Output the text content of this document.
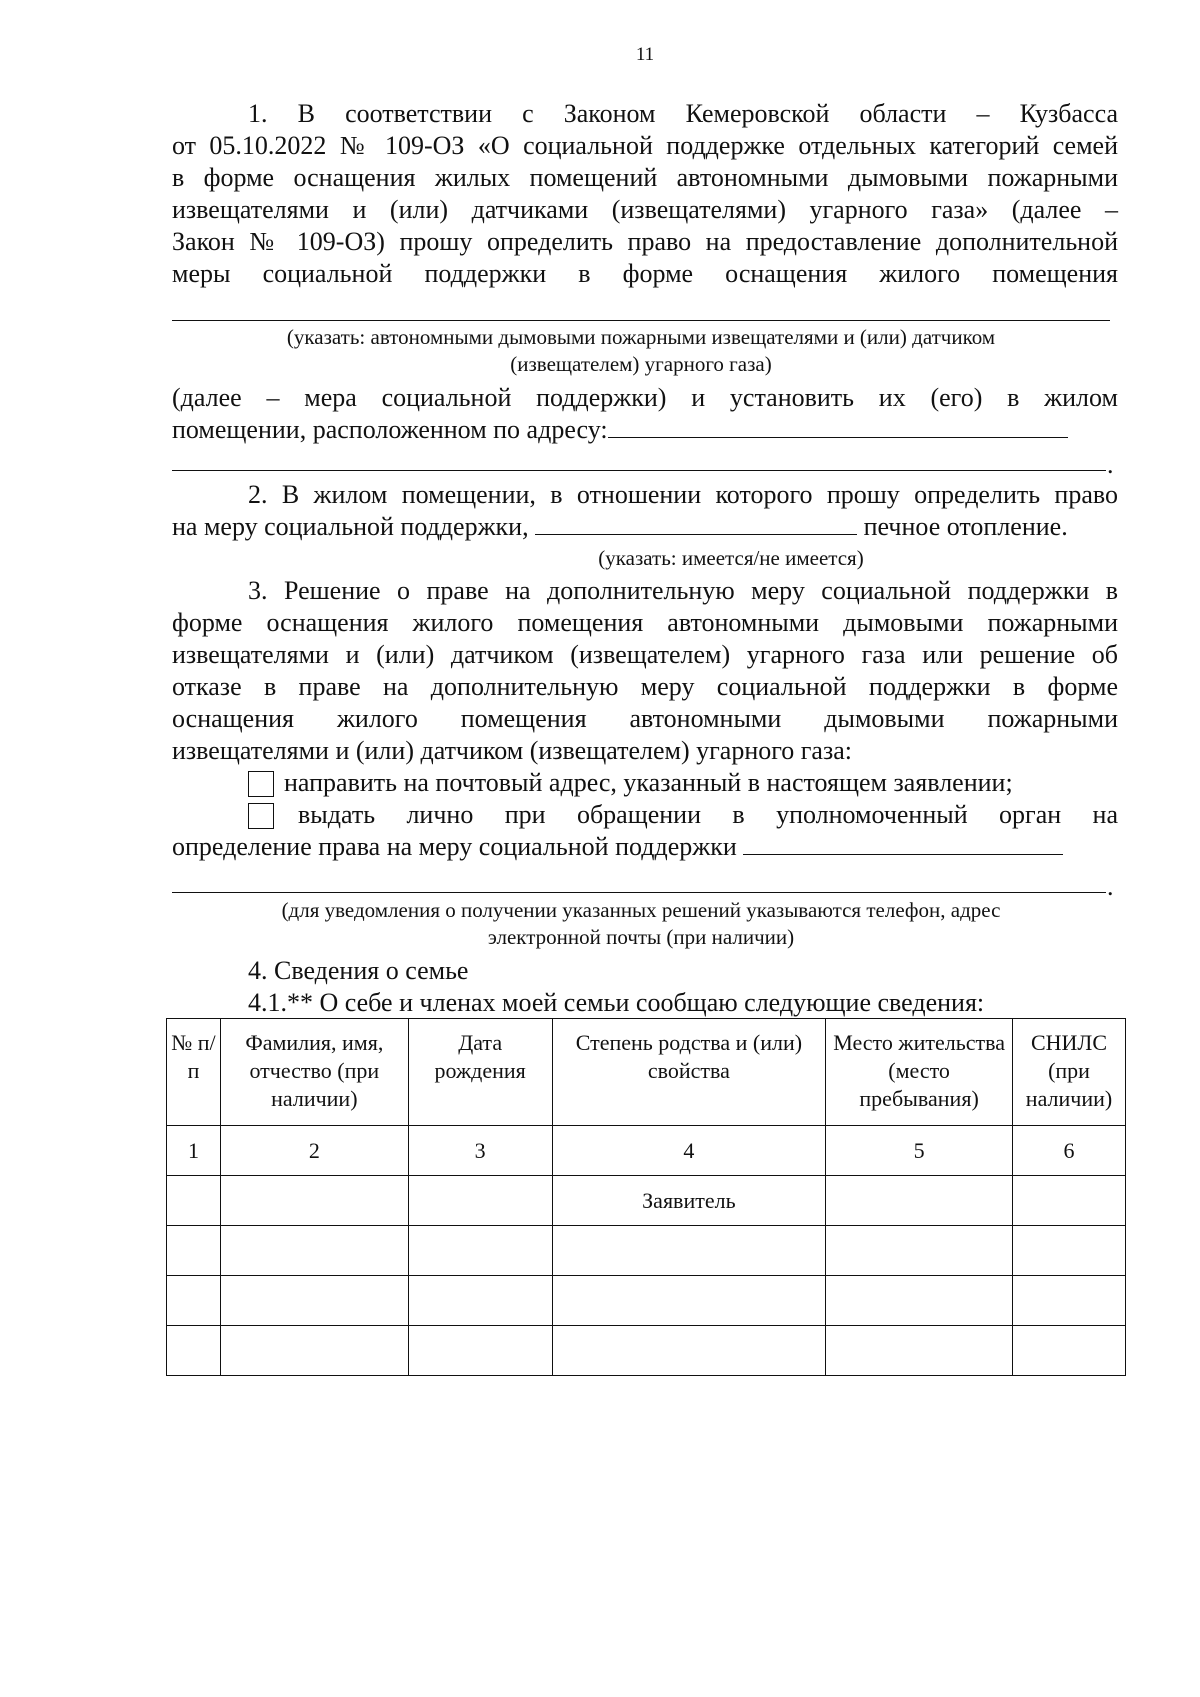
11
1. В соответствии с Законом Кемеровской области – Кузбасса
от 05.10.2022 № 109-ОЗ «О социальной поддержке отдельных категорий семей
в форме оснащения жилых помещений автономными дымовыми пожарными
извещателями и (или) датчиками (извещателями) угарного газа» (далее –
Закон № 109-ОЗ) прошу определить право на предоставление дополнительной
меры социальной поддержки в форме оснащения жилого помещения
(указать: автономными дымовыми пожарными извещателями и (или) датчиком
(извещателем) угарного газа)
(далее – мера социальной поддержки) и установить их (его) в жилом
помещении, расположенном по адресу:
.
2. В жилом помещении, в отношении которого прошу определить право
на меру социальной поддержки,	печное отопление.
(указать: имеется/не имеется)
3. Решение о праве на дополнительную меру социальной поддержки в
форме оснащения жилого помещения автономными дымовыми пожарными
извещателями и (или) датчиком (извещателем) угарного газа или решение об
отказе в праве на дополнительную меру социальной поддержки в форме
оснащения жилого помещения автономными дымовыми пожарными
извещателями и (или) датчиком (извещателем) угарного газа:
направить на почтовый адрес, указанный в настоящем заявлении;
выдать лично при обращении в уполномоченный орган на
определение права на меру социальной поддержки
.
(для уведомления о получении указанных решений указываются телефон, адрес
электронной почты (при наличии)
4. Сведения о семье
4.1.** О себе и членах моей семьи сообщаю следующие сведения:
№ п/п	Фамилия, имя, отчество (при наличии)	Дата рождения	Степень родства и (или) свойства	Место жительства (место пребывания)	СНИЛС (при наличии)
1	2	3	4	5	6
			Заявитель		
